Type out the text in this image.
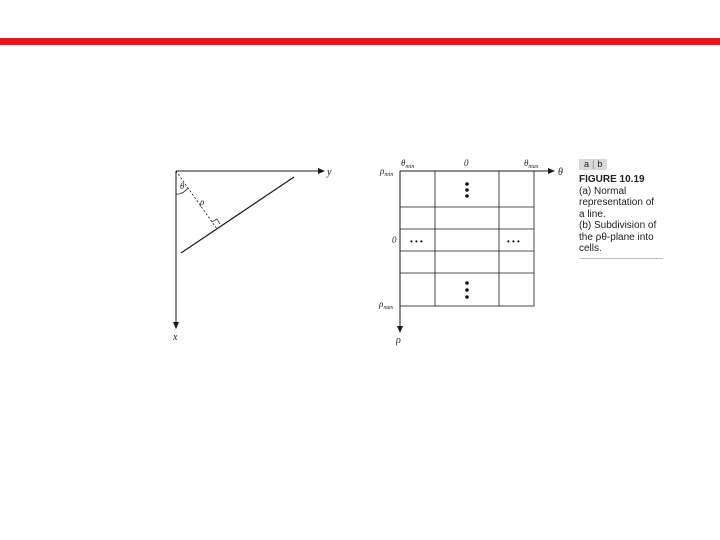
y
x
θ
ρ
$\theta_{min}$	0	$\theta_{max}$ θ
ρ
$\rho_{min}$
0
$\rho_{max}$
• • •	• • •
a | b
FIGURE 10.19
(a) Normal
representation of
a line.
(b) Subdivision of
the ρθ-plane into
cells.
